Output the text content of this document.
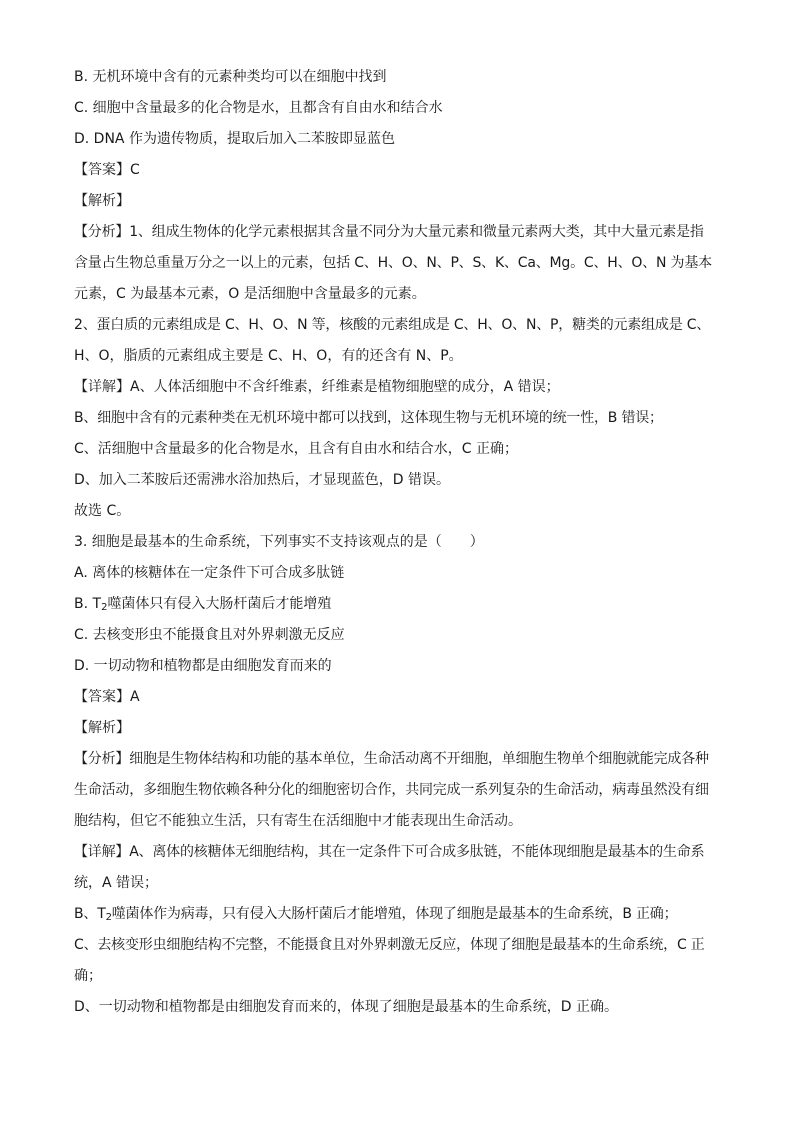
B. 无机环境中含有的元素种类均可以在细胞中找到
C. 细胞中含量最多的化合物是水，且都含有自由水和结合水
D. DNA 作为遗传物质，提取后加入二苯胺即显蓝色
【答案】C
【解析】
【分析】1、组成生物体的化学元素根据其含量不同分为大量元素和微量元素两大类，其中大量元素是指
含量占生物总重量万分之一以上的元素，包括 C、H、O、N、P、S、K、Ca、Mg。C、H、O、N 为基本
元素，C 为最基本元素，O 是活细胞中含量最多的元素。
2、蛋白质的元素组成是 C、H、O、N 等，核酸的元素组成是 C、H、O、N、P，糖类的元素组成是 C、
H、O，脂质的元素组成主要是 C、H、O，有的还含有 N、P。
【详解】A、人体活细胞中不含纤维素，纤维素是植物细胞壁的成分，A 错误；
B、细胞中含有的元素种类在无机环境中都可以找到，这体现生物与无机环境的统一性，B 错误；
C、活细胞中含量最多的化合物是水，且含有自由水和结合水，C 正确；
D、加入二苯胺后还需沸水浴加热后，才显现蓝色，D 错误。
故选 C。
3. 细胞是最基本的生命系统，下列事实不支持该观点的是（　　）
A. 离体的核糖体在一定条件下可合成多肽链
B. $T_2$噬菌体只有侵入大肠杆菌后才能增殖
C. 去核变形虫不能摄食且对外界刺激无反应
D. 一切动物和植物都是由细胞发育而来的
【答案】A
【解析】
【分析】细胞是生物体结构和功能的基本单位，生命活动离不开细胞，单细胞生物单个细胞就能完成各种
生命活动，多细胞生物依赖各种分化的细胞密切合作，共同完成一系列复杂的生命活动，病毒虽然没有细
胞结构，但它不能独立生活，只有寄生在活细胞中才能表现出生命活动。
【详解】A、离体的核糖体无细胞结构，其在一定条件下可合成多肽链，不能体现细胞是最基本的生命系
统，A 错误；
B、$T_2$噬菌体作为病毒，只有侵入大肠杆菌后才能增殖，体现了细胞是最基本的生命系统，B 正确；
C、去核变形虫细胞结构不完整，不能摄食且对外界刺激无反应，体现了细胞是最基本的生命系统，C 正
确；
D、一切动物和植物都是由细胞发育而来的，体现了细胞是最基本的生命系统，D 正确。
